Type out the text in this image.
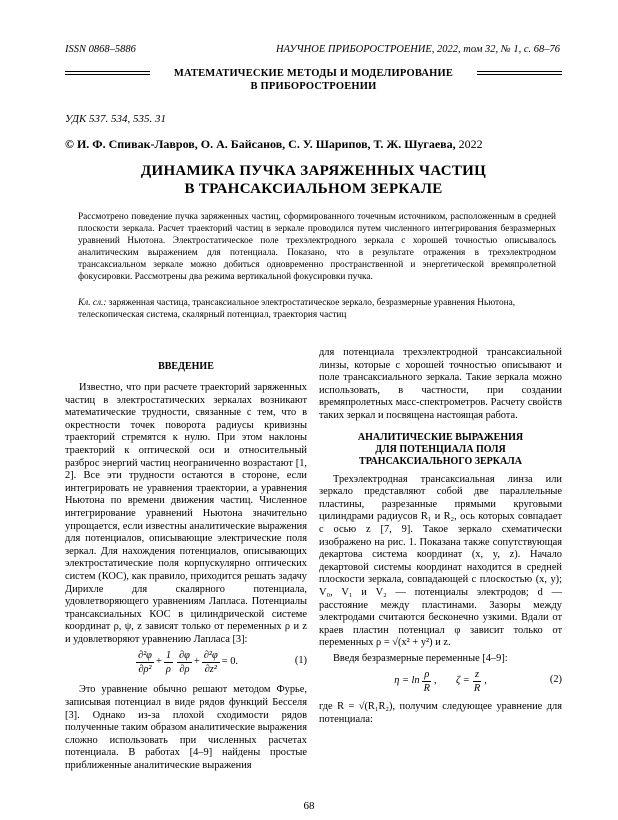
ISSN 0868–5886	НАУЧНОЕ ПРИБОРОСТРОЕНИЕ, 2022, том 32, № 1, c. 68–76
МАТЕМАТИЧЕСКИЕ МЕТОДЫ И МОДЕЛИРОВАНИЕ
В ПРИБОРОСТРОЕНИИ
УДК 537. 534, 535. 31
© И. Ф. Спивак-Лавров, О. А. Байсанов, С. У. Шарипов, Т. Ж. Шугаева, 2022
ДИНАМИКА ПУЧКА ЗАРЯЖЕННЫХ ЧАСТИЦ
В ТРАНСАКСИАЛЬНОМ ЗЕРКАЛЕ
Рассмотрено поведение пучка заряженных частиц, сформированного точечным источником, расположенным в средней плоскости зеркала. Расчет траекторий частиц в зеркале проводился путем численного интегрирования безразмерных уравнений Ньютона. Электростатическое поле трехэлектродного зеркала с хорошей точностью описывалось аналитическим выражением для потенциала. Показано, что в результате отражения в трехэлектродном трансаксиальном зеркале можно добиться одновременно пространственной и энергетической времяпролетной фокусировки. Рассмотрены два режима вертикальной фокусировки пучка.
Кл. сл.: заряженная частица, трансаксиальное электростатическое зеркало, безразмерные уравнения Ньютона, телескопическая система, скалярный потенциал, траектория частиц

ВВЕДЕНИЕ

Известно, что при расчете траекторий заряженных частиц в электростатических зеркалах возникают математические трудности, связанные с тем, что в окрестности точек поворота радиусы кривизны траекторий стремятся к нулю. При этом наклоны траекторий к оптической оси и относительный разброс энергий частиц неограниченно возрастают [1, 2]. Все эти трудности остаются в стороне, если интегрировать не уравнения траектории, а уравнения Ньютона по времени движения частиц. Численное интегрирование уравнений Ньютона значительно упрощается, если известны аналитические выражения для потенциалов, описывающие электрические поля зеркал. Для нахождения потенциалов, описывающих электростатические поля корпускулярно оптических систем (КОС), как правило, приходится решать задачу Дирихле для скалярного потенциала, удовлетворяющего уравнениям Лапласа. Потенциалы трансаксиальных КОС в цилиндрической системе координат ρ, ψ, z зависят только от переменных ρ и z и удовлетворяют уравнению Лапласа [3]:

$\frac{\text{∂²φ}}{\text{∂ρ²}} + \frac{1}{\rho} \frac{\partial\varphi}{\partial\rho} + \frac{\text{∂²φ}}{\text{∂z²}} = 0$.	(1)

Это уравнение обычно решают методом Фурье, записывая потенциал в виде рядов функций Бесселя [3]. Однако из-за плохой сходимости рядов полученные таким образом аналитические выражения сложно использовать при численных расчетах потенциала. В работах [4–9] найдены простые приближенные аналитические выражения

для потенциала трехэлектродной трансаксиальной линзы, которые с хорошей точностью описывают и поле трансаксиального зеркала. Такие зеркала можно использовать, в частности, при создании времяпролетных масс-спектрометров. Расчету свойств таких зеркал и посвящена настоящая работа.

АНАЛИТИЧЕСКИЕ ВЫРАЖЕНИЯ

ДЛЯ ПОТЕНЦИАЛА ПОЛЯ

ТРАНСАКСИАЛЬНОГО ЗЕРКАЛА

Трехэлектродная трансаксиальная линза или зеркало представляют собой две параллельные пластины, разрезанные прямыми круговыми цилиндрами радиусов R₁ и R₂, ось которых совпадает с осью z [7, 9]. Такое зеркало схематически изображено на рис. 1. Показана также сопутствующая декартова система координат (x, y, z). Начало декартовой системы координат находится в средней плоскости зеркала, совпадающей с плоскостью (x, y); V₀, V₁ и V₂ — потенциалы электродов; d — расстояние между пластинами. Зазоры между электродами считаются бесконечно узкими. Вдали от краев пластин потенциал φ зависит только от переменных ρ = √(x² + y²) и z.

Введя безразмерные переменные [4–9]:

$\eta = \ln \frac{\rho}{R}$ ,	$\zeta = \frac{z}{R}$ ,	(2)

где R = √(R₁R₂), получим следующее уравнение для потенциала:

68
